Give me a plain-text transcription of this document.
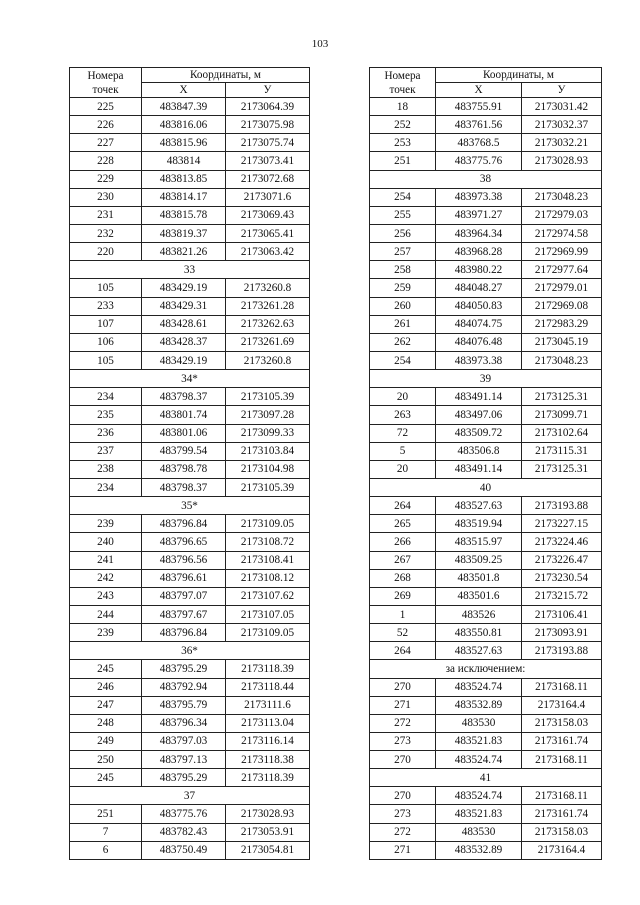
103
Номера
точек	Координаты, м	
	X	У
225	483847.39	2173064.39
226	483816.06	2173075.98
227	483815.96	2173075.74
228	483814	2173073.41
229	483813.85	2173072.68
230	483814.17	2173071.6
231	483815.78	2173069.43
232	483819.37	2173065.41
220	483821.26	2173063.42
33		
105	483429.19	2173260.8
233	483429.31	2173261.28
107	483428.61	2173262.63
106	483428.37	2173261.69
105	483429.19	2173260.8
34*		
234	483798.37	2173105.39
235	483801.74	2173097.28
236	483801.06	2173099.33
237	483799.54	2173103.84
238	483798.78	2173104.98
234	483798.37	2173105.39
35*		
239	483796.84	2173109.05
240	483796.65	2173108.72
241	483796.56	2173108.41
242	483796.61	2173108.12
243	483797.07	2173107.62
244	483797.67	2173107.05
239	483796.84	2173109.05
36*		
245	483795.29	2173118.39
246	483792.94	2173118.44
247	483795.79	2173111.6
248	483796.34	2173113.04
249	483797.03	2173116.14
250	483797.13	2173118.38
245	483795.29	2173118.39
37		
251	483775.76	2173028.93
7	483782.43	2173053.91
6	483750.49	2173054.81
Номера
точек	Координаты, м	
	X	У
18	483755.91	2173031.42
252	483761.56	2173032.37
253	483768.5	2173032.21
251	483775.76	2173028.93
38		
254	483973.38	2173048.23
255	483971.27	2172979.03
256	483964.34	2172974.58
257	483968.28	2172969.99
258	483980.22	2172977.64
259	484048.27	2172979.01
260	484050.83	2172969.08
261	484074.75	2172983.29
262	484076.48	2173045.19
254	483973.38	2173048.23
39		
20	483491.14	2173125.31
263	483497.06	2173099.71
72	483509.72	2173102.64
5	483506.8	2173115.31
20	483491.14	2173125.31
40		
264	483527.63	2173193.88
265	483519.94	2173227.15
266	483515.97	2173224.46
267	483509.25	2173226.47
268	483501.8	2173230.54
269	483501.6	2173215.72
1	483526	2173106.41
52	483550.81	2173093.91
264	483527.63	2173193.88
за исключением:		
270	483524.74	2173168.11
271	483532.89	2173164.4
272	483530	2173158.03
273	483521.83	2173161.74
270	483524.74	2173168.11
41		
270	483524.74	2173168.11
273	483521.83	2173161.74
272	483530	2173158.03
271	483532.89	2173164.4
